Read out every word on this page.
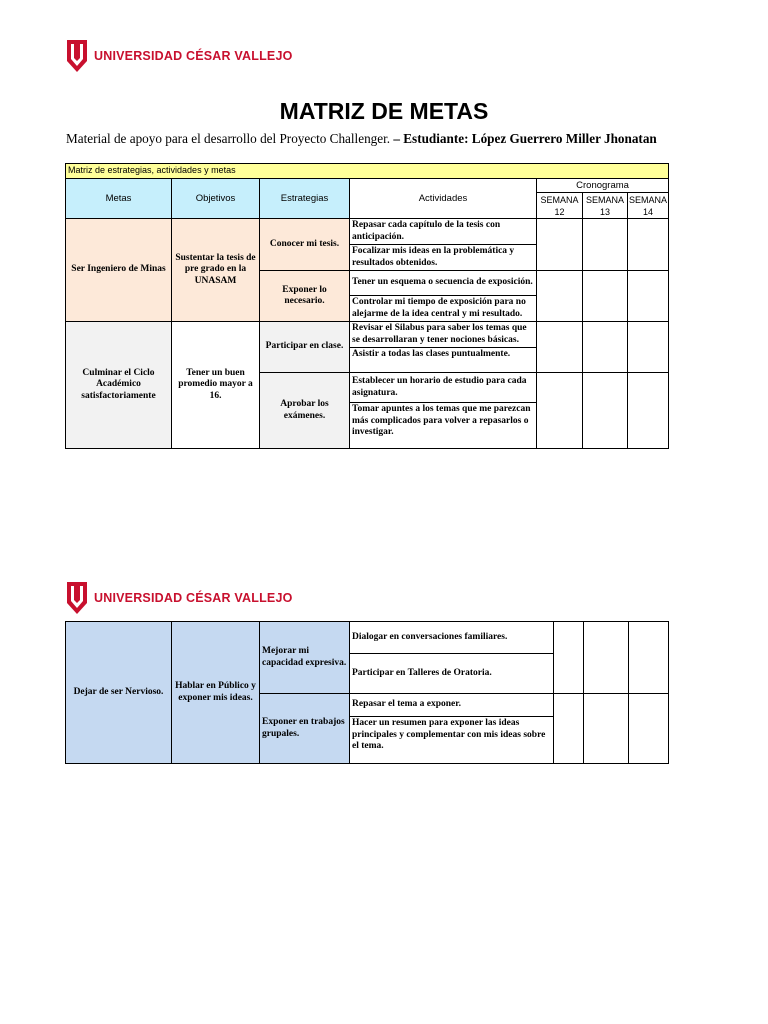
UNIVERSIDAD CÉSAR VALLEJO
MATRIZ DE METAS
Material de apoyo para el desarrollo del Proyecto Challenger. – Estudiante: López Guerrero Miller Jhonatan
Matriz de estrategias, actividades y metas						
Metas	Objetivos	Estrategias	Actividades	Cronograma		
				SEMANA 12	SEMANA 13	SEMANA 14
Ser Ingeniero de Minas	Sustentar la tesis de pre grado en la UNASAM	Conocer mi tesis.	Repasar cada capítulo de la tesis con anticipación.			
			Focalizar mis ideas en la problemática y resultados obtenidos.			
		Exponer lo necesario.	Tener un esquema o secuencia de exposición.			
			Controlar mi tiempo de exposición para no alejarme de la idea central y mi resultado.			
Culminar el Ciclo Académico satisfactoriamente	Tener un buen promedio mayor a 16.	Participar en clase.	Revisar el Silabus para saber los temas que se desarrollaran y tener nociones básicas.			
			Asistir a todas las clases puntualmente.			
		Aprobar los exámenes.	Establecer un horario de estudio para cada asignatura.			
			Tomar apuntes a los temas que me parezcan más complicados para volver a repasarlos o investigar.			
UNIVERSIDAD CÉSAR VALLEJO
Dejar de ser Nervioso.	Hablar en Público y exponer mis ideas.	Mejorar mi capacidad expresiva.	Dialogar en conversaciones familiares.			
			Participar en Talleres de Oratoria.			
		Exponer en trabajos grupales.	Repasar el tema a exponer.			
			Hacer un resumen para exponer las ideas principales y complementar con mis ideas sobre el tema.			
